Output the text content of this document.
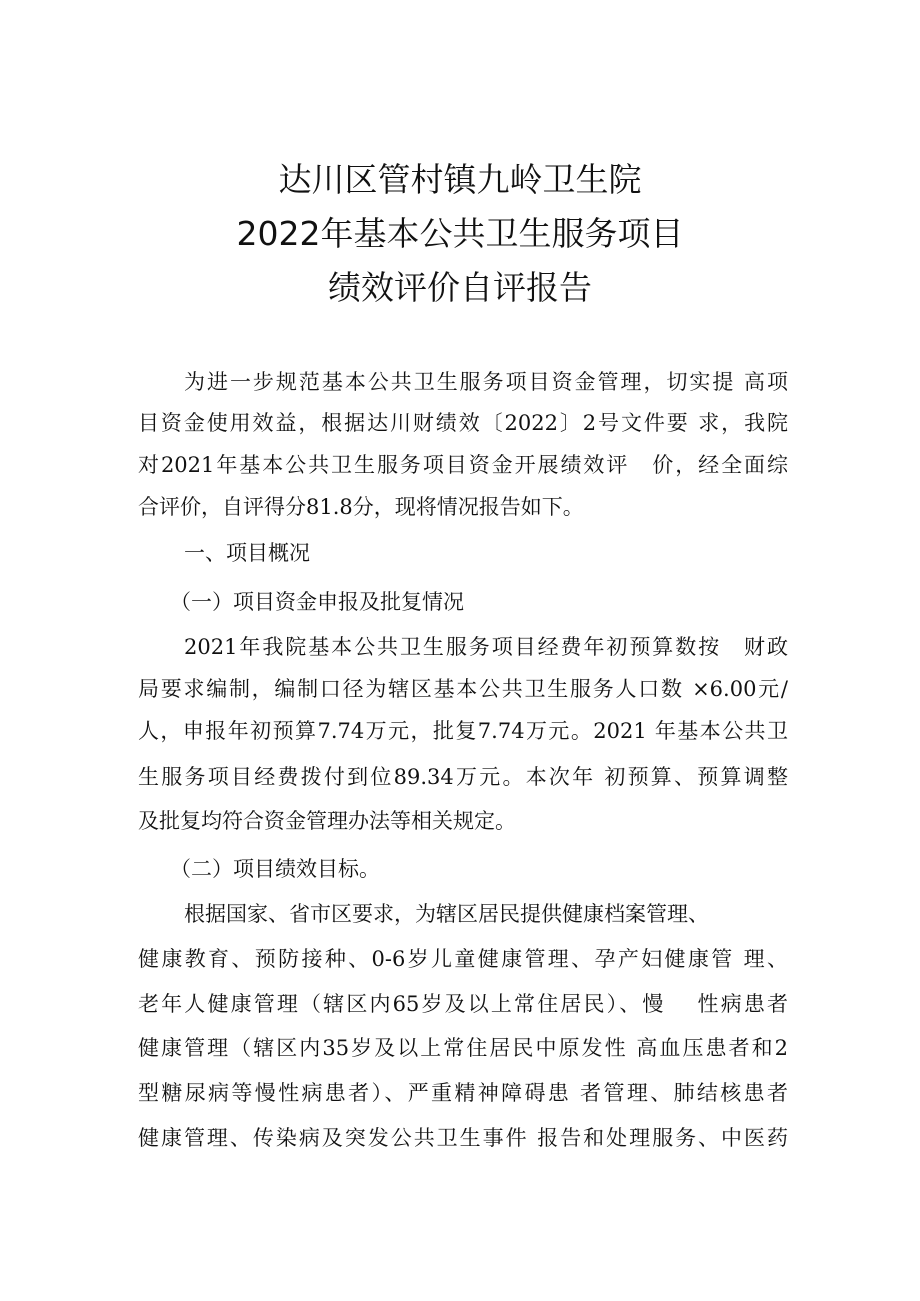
达川区管村镇九岭卫生院
2022年基本公共卫生服务项目
绩效评价自评报告

为进一步规范基本公共卫生服务项目资金管理，切实提 高项

目资金使用效益，根据达川财绩效〔2022〕2号文件要 求，我院

对2021年基本公共卫生服务项目资金开展绩效评　价，经全面综

合评价，自评得分81.8分，现将情况报告如下。

一、项目概况

（一）项目资金申报及批复情况

2021年我院基本公共卫生服务项目经费年初预算数按　财政

局要求编制，编制口径为辖区基本公共卫生服务人口数 ×6.00元/

人，申报年初预算7.74万元，批复7.74万元。2021 年基本公共卫

生服务项目经费拨付到位89.34万元。本次年 初预算、预算调整

及批复均符合资金管理办法等相关规定。

（二）项目绩效目标。

根据国家、省市区要求，为辖区居民提供健康档案管理、

健康教育、预防接种、0-6岁儿童健康管理、孕产妇健康管 理、

老年人健康管理（辖区内65岁及以上常住居民）、慢　 性病患者

健康管理（辖区内35岁及以上常住居民中原发性 高血压患者和2

型糖尿病等慢性病患者）、严重精神障碍患 者管理、肺结核患者

健康管理、传染病及突发公共卫生事件 报告和处理服务、中医药
